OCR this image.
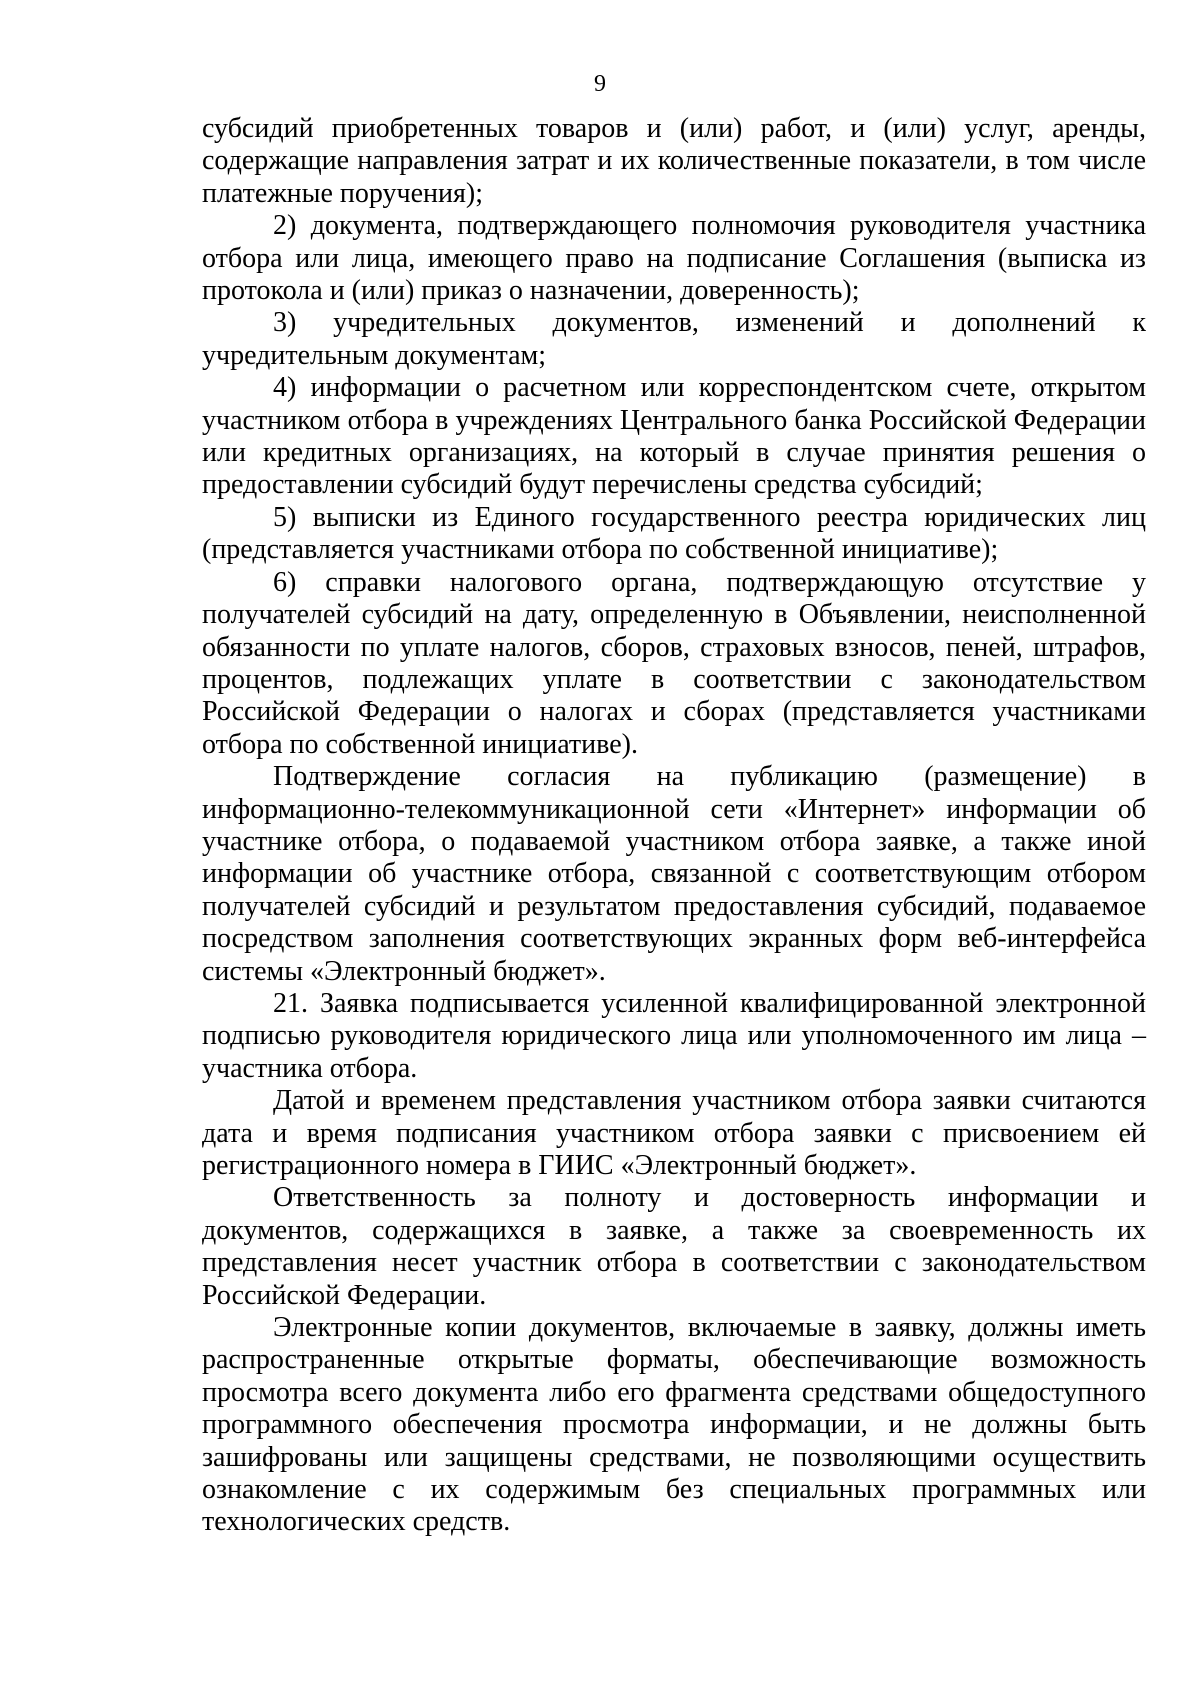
9

субсидий приобретенных товаров и (или) работ, и (или) услуг, аренды, содержащие направления затрат и их количественные показатели, в том числе платежные поручения);

2) документа, подтверждающего полномочия руководителя участника отбора или лица, имеющего право на подписание Соглашения (выписка из протокола и (или) приказ о назначении, доверенность);

3) учредительных документов, изменений и дополнений к учредительным документам;

4) информации о расчетном или корреспондентском счете, открытом участником отбора в учреждениях Центрального банка Российской Федерации или кредитных организациях, на который в случае принятия решения о предоставлении субсидий будут перечислены средства субсидий;

5) выписки из Единого государственного реестра юридических лиц (представляется участниками отбора по собственной инициативе);

6) справки налогового органа, подтверждающую отсутствие у получателей субсидий на дату, определенную в Объявлении, неисполненной обязанности по уплате налогов, сборов, страховых взносов, пеней, штрафов, процентов, подлежащих уплате в соответствии с законодательством Российской Федерации о налогах и сборах (представляется участниками отбора по собственной инициативе).

Подтверждение согласия на публикацию (размещение) в информационно-телекоммуникационной сети «Интернет» информации об участнике отбора, о подаваемой участником отбора заявке, а также иной информации об участнике отбора, связанной с соответствующим отбором получателей субсидий и результатом предоставления субсидий, подаваемое посредством заполнения соответствующих экранных форм веб-интерфейса системы «Электронный бюджет».

21. Заявка подписывается усиленной квалифицированной электронной подписью руководителя юридического лица или уполномоченного им лица – участника отбора.

Датой и временем представления участником отбора заявки считаются дата и время подписания участником отбора заявки с присвоением ей регистрационного номера в ГИИС «Электронный бюджет».

Ответственность за полноту и достоверность информации и документов, содержащихся в заявке, а также за своевременность их представления несет участник отбора в соответствии с законодательством Российской Федерации.

Электронные копии документов, включаемые в заявку, должны иметь распространенные открытые форматы, обеспечивающие возможность просмотра всего документа либо его фрагмента средствами общедоступного программного обеспечения просмотра информации, и не должны быть зашифрованы или защищены средствами, не позволяющими осуществить ознакомление с их содержимым без специальных программных или технологических средств.
